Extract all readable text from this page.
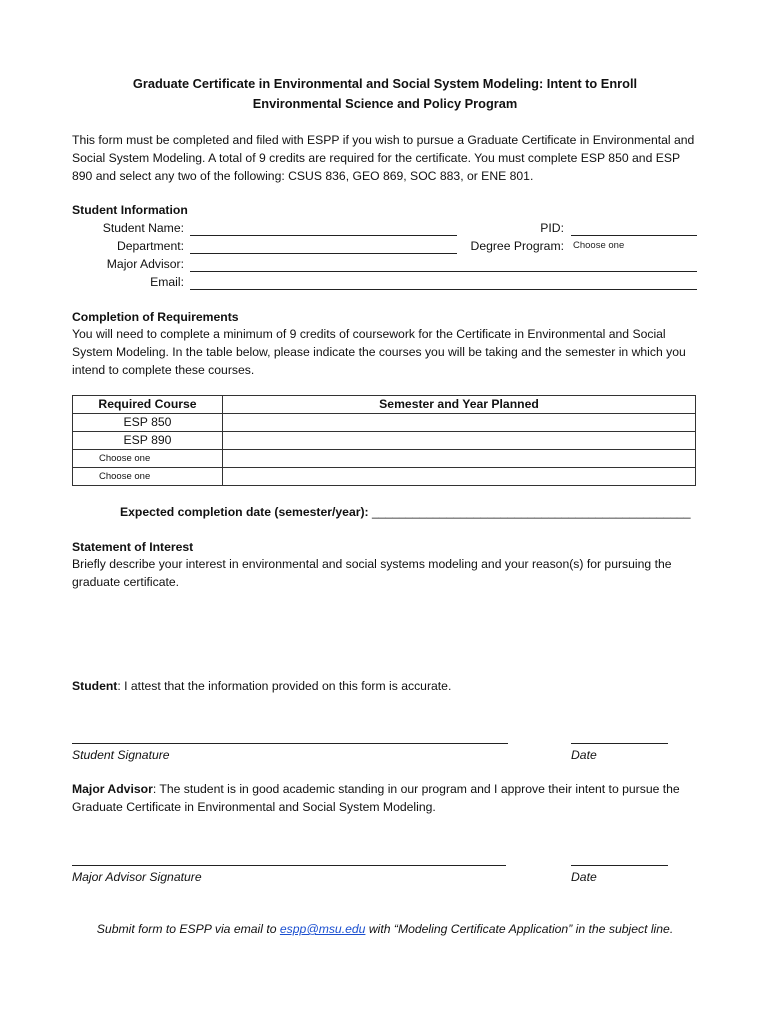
Graduate Certificate in Environmental and Social System Modeling: Intent to Enroll
Environmental Science and Policy Program
This form must be completed and filed with ESPP if you wish to pursue a Graduate Certificate in Environmental and Social System Modeling. A total of 9 credits are required for the certificate. You must complete ESP 850 and ESP 890 and select any two of the following: CSUS 836, GEO 869, SOC 883, or ENE 801.
Student Information
Student Name:	PID:
Department:	Degree Program: Choose one
Major Advisor:
Email:
Completion of Requirements
You will need to complete a minimum of 9 credits of coursework for the Certificate in Environmental and Social System Modeling. In the table below, please indicate the courses you will be taking and the semester in which you intend to complete these courses.
Required Course	Semester and Year Planned
ESP 850	
ESP 890	
Choose one	
Choose one	
Expected completion date (semester/year): _______________________________________________
Statement of Interest
Briefly describe your interest in environmental and social systems modeling and your reason(s) for pursuing the graduate certificate.
Student: I attest that the information provided on this form is accurate.
Student Signature	Date
Major Advisor: The student is in good academic standing in our program and I approve their intent to pursue the Graduate Certificate in Environmental and Social System Modeling.
Major Advisor Signature	Date
Submit form to ESPP via email to espp@msu.edu with “Modeling Certificate Application” in the subject line.
